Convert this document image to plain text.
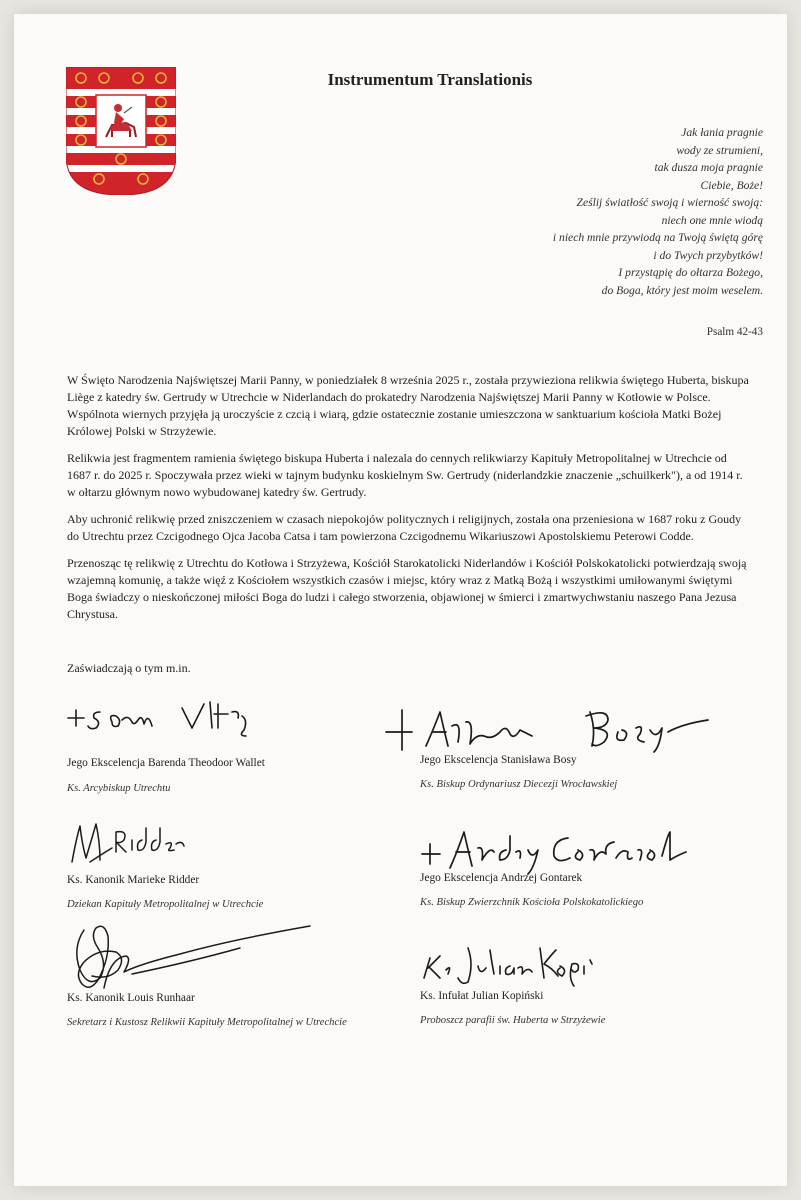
Instrumentum Translationis
Jak łania pragnie
wody ze strumieni,
tak dusza moja pragnie
Ciebie, Boże!
Ześlij światłość swoją i wierność swoją:
niech one mnie wiodą
i niech mnie przywiodą na Twoją świętą górę
i do Twych przybytków!
I przystąpię do ołtarza Bożego,
do Boga, który jest moim weselem.
Psalm 42-43

W Święto Narodzenia Najświętszej Marii Panny, w poniedziałek 8 września 2025 r., została przywieziona relikwia świętego Huberta, biskupa Liège z katedry św. Gertrudy w Utrechcie w Niderlandach do prokatedry Narodzenia Najświętszej Marii Panny w Kotłowie w Polsce. Wspólnota wiernych przyjęła ją uroczyście z czcią i wiarą, gdzie ostatecznie zostanie umieszczona w sanktuarium kościoła Matki Bożej Królowej Polski w Strzyżewie.

Relikwia jest fragmentem ramienia świętego biskupa Huberta i nalezala do cennych relikwiarzy Kapituły Metropolitalnej w Utrechcie od 1687 r. do 2025 r. Spoczywała przez wieki w tajnym budynku koskielnym Sw. Gertrudy (niderlandzkie znaczenie „schuilkerk"), a od 1914 r. w ołtarzu głównym nowo wybudowanej katedry św. Gertrudy.

Aby uchronić relikwię przed zniszczeniem w czasach niepokojów politycznych i religijnych, została ona przeniesiona w 1687 roku z Goudy do Utrechtu przez Czcigodnego Ojca Jacoba Catsa i tam powierzona Czcigodnemu Wikariuszowi Apostolskiemu Peterowi Codde.

Przenosząc tę relikwię z Utrechtu do Kotłowa i Strzyżewa, Kościół Starokatolicki Niderlandów i Kościół Polskokatolicki potwierdzają swoją wzajemną komunię, a także więź z Kościołem wszystkich czasów i miejsc, który wraz z Matką Bożą i wszystkimi umiłowanymi świętymi Boga świadczy o nieskończonej miłości Boga do ludzi i całego stworzenia, objawionej w śmierci i zmartwychwstaniu naszego Pana Jezusa Chrystusa.

Zaświadczają o tym m.in.
Jego Ekscelencja Barenda Theodoor Wallet
Ks. Arcybiskup Utrechtu
Jego Ekscelencja Stanisława Bosy
Ks. Biskup Ordynariusz Diecezji Wrocławskiej
Ks. Kanonik Marieke Ridder
Dziekan Kapituły Metropolitalnej w Utrechcie
Jego Ekscelencja Andrzej Gontarek
Ks. Biskup Zwierzchnik Kościoła Polskokatolickiego
Ks. Kanonik Louis Runhaar
Sekretarz i Kustosz Relikwii Kapituły Metropolitalnej w Utrechcie
Ks. Infułat Julian Kopiński
Proboszcz parafii św. Huberta w Strzyżewie
